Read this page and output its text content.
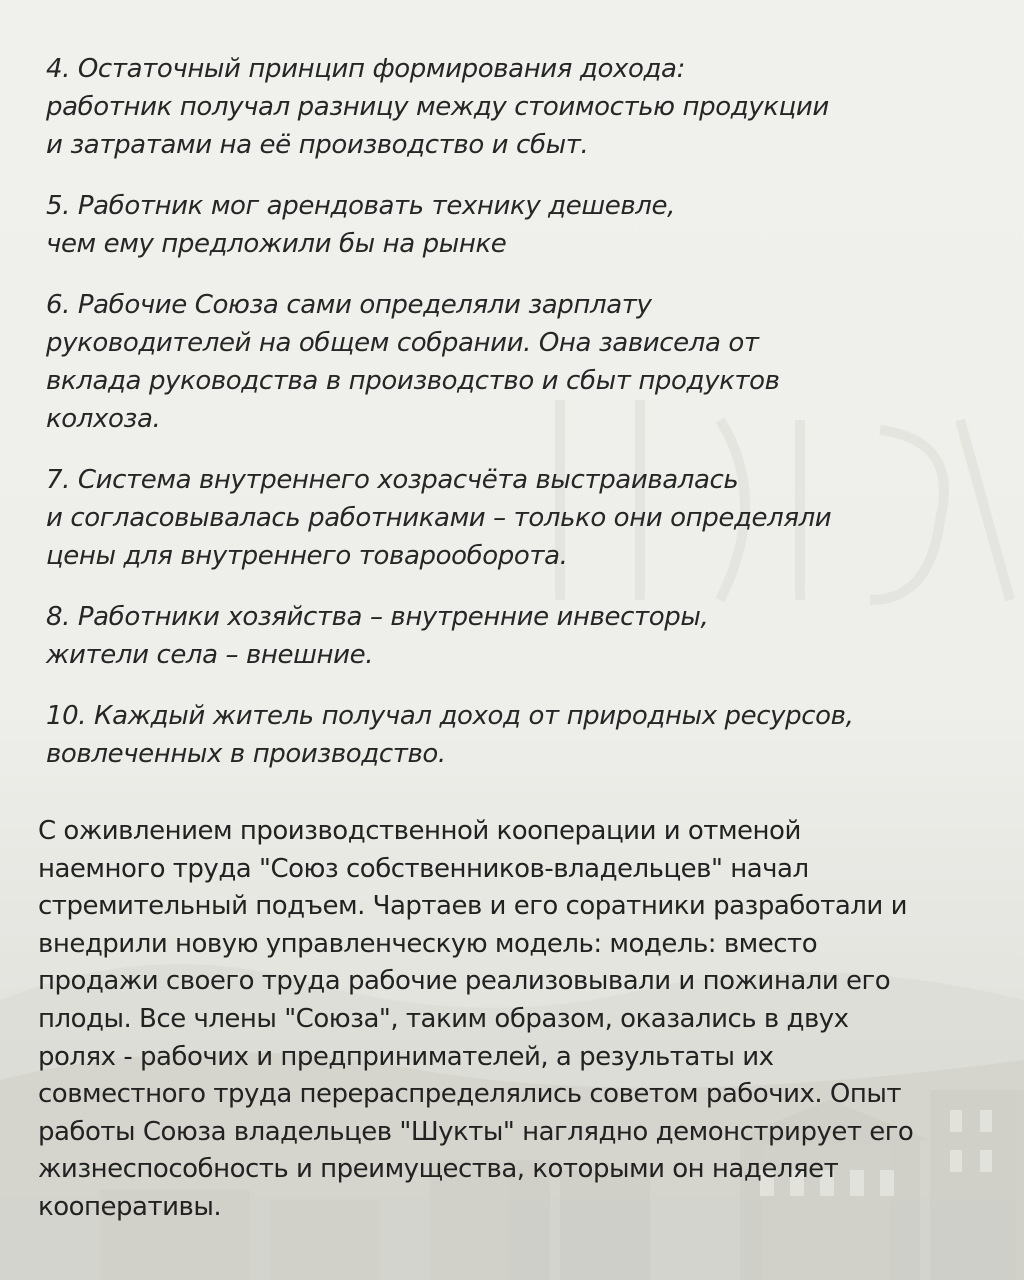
4. Остаточный принцип формирования дохода:
работник получал разницу между стоимостью продукции
и затратами на её производство и сбыт.
5. Работник мог арендовать технику дешевле,
чем ему предложили бы на рынке
6. Рабочие Союза сами определяли зарплату
руководителей на общем собрании. Она зависела от
вклада руководства в производство и сбыт продуктов
колхоза.
7. Система внутреннего хозрасчёта выстраивалась
и согласовывалась работниками – только они определяли
цены для внутреннего товарооборота.
8. Работники хозяйства – внутренние инвесторы,
жители села – внешние.
10. Каждый житель получал доход от природных ресурсов,
вовлеченных в производство.

С оживлением производственной кооперации и отменой
наемного труда "Союз собственников-владельцев" начал
стремительный подъем. Чартаев и его соратники разработали и
внедрили новую управленческую модель: модель: вместо
продажи своего труда рабочие реализовывали и пожинали его
плоды. Все члены "Союза", таким образом, оказались в двух
ролях - рабочих и предпринимателей, а результаты их
совместного труда перераспределялись советом рабочих. Опыт
работы Союза владельцев "Шукты" наглядно демонстрирует его
жизнеспособность и преимущества, которыми он наделяет
кооперативы.
